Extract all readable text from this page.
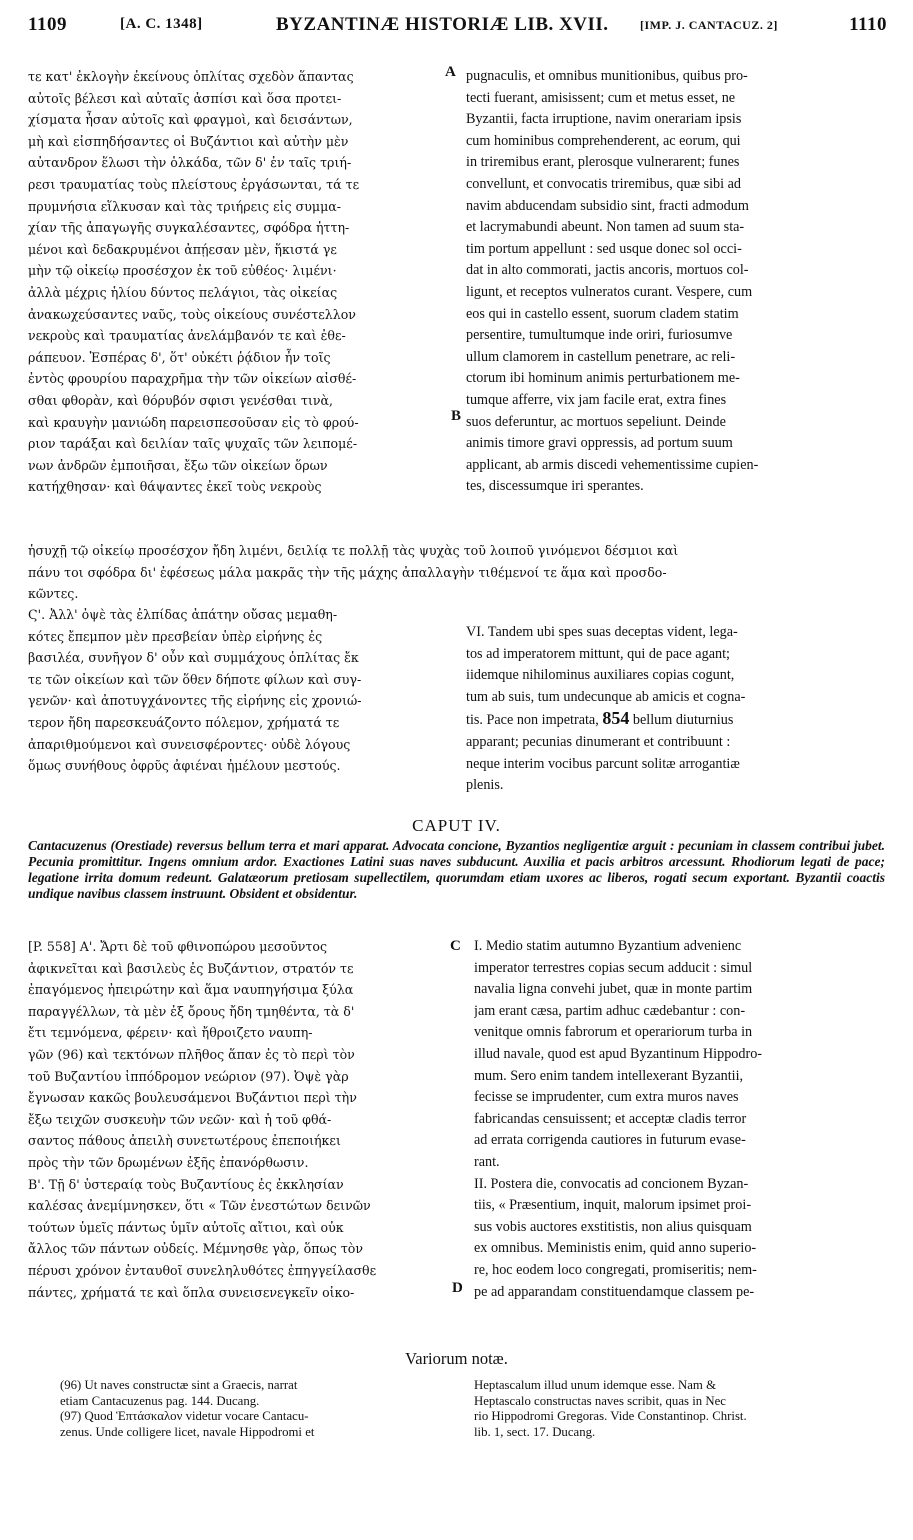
1109	[A. C. 1348]	BYZANTINÆ HISTORIÆ LIB. XVII.	[IMP. J. CANTACUZ. 2]	1110
τε κατ' ἐκλογὴν ἐκείνους ὁπλίτας σχεδὸν ἅπαντας
αὐτοῖς βέλεσι καὶ αὐταῖς ἀσπίσι καὶ ὅσα προτει-
χίσματα ἦσαν αὐτοῖς καὶ φραγμοὶ, καὶ δεισάντων,
μὴ καὶ εἰσπηδήσαντες οἱ Βυζάντιοι καὶ αὐτὴν μὲν
αὐτανδρον ἕλωσι τὴν ὁλκάδα, τῶν δ' ἐν ταῖς τριή-
ρεσι τραυματίας τοὺς πλείστους ἐργάσωνται, τά τε
πρυμνήσια εἵλκυσαν καὶ τὰς τριήρεις εἰς συμμα-
χίαν τῆς ἀπαγωγῆς συγκαλέσαντες, σφόδρα ἡττη-
μένοι καὶ δεδακρυμένοι ἀπῄεσαν μὲν, ἥκιστά γε
μὴν τῷ οἰκείῳ προσέσχον ἐκ τοῦ εὐθέος· λιμένι·
ἀλλὰ μέχρις ἡλίου δύντος πελάγιοι, τὰς οἰκείας
ἀνακωχεύσαντες ναῦς, τοὺς οἰκείους συνέστελλον
νεκροὺς καὶ τραυματίας ἀνελάμβανόν τε καὶ ἐθε-
ράπευον. Ἑσπέρας δ', ὅτ' οὐκέτι ῥᾴδιον ἦν τοῖς
ἐντὸς φρουρίου παραχρῆμα τὴν τῶν οἰκείων αἰσθέ-
σθαι φθορὰν, καὶ θόρυβόν σφισι γενέσθαι τινὰ,
καὶ κραυγὴν μανιώδη παρεισπεσοῦσαν εἰς τὸ φρού-
ριον ταράξαι καὶ δειλίαν ταῖς ψυχαῖς τῶν λειπομέ-
νων ἀνδρῶν ἐμποιῆσαι, ἔξω τῶν οἰκείων ὅρων
κατήχθησαν· καὶ θάψαντες ἐκεῖ τοὺς νεκροὺς
pugnaculis, et omnibus munitionibus, quibus pro-
tecti fuerant, amisissent; cum et metus esset, ne
Byzantii, facta irruptione, navim onerariam ipsis
cum hominibus comprehenderent, ac eorum, qui
in triremibus erant, plerosque vulnerarent; funes
convellunt, et convocatis triremibus, quæ sibi ad
navim abducendam subsidio sint, fracti admodum
et lacrymabundi abeunt. Non tamen ad suum sta-
tim portum appellunt : sed usque donec sol occi-
dat in alto commorati, jactis ancoris, mortuos col-
ligunt, et receptos vulneratos curant. Vespere, cum
eos qui in castello essent, suorum cladem statim
persentire, tumultumque inde oriri, furiosumve
ullum clamorem in castellum penetrare, ac reli-
ctorum ibi hominum animis perturbationem me-
tumque afferre, vix jam facile erat, extra fines
suos deferuntur, ac mortuos sepeliunt. Deinde
animis timore gravi oppressis, ad portum suum
applicant, ab armis discedi vehementissime cupien-
tes, discessumque iri sperantes.
A
B
ἡσυχῇ τῷ οἰκείῳ προσέσχον ἤδη λιμένι, δειλίᾳ τε πολλῇ τὰς ψυχὰς τοῦ λοιποῦ γινόμενοι δέσμιοι καὶ
πάνυ τοι σφόδρα δι' ἐφέσεως μάλα μακρᾶς τὴν τῆς μάχης ἀπαλλαγὴν τιθέμενοί τε ἅμα καὶ προσδο-
κῶντες.
Ϛ'. Ἀλλ' ὀψὲ τὰς ἐλπίδας ἀπάτην οὔσας μεμαθη-
κότες ἔπεμπον μὲν πρεσβείαν ὑπὲρ εἰρήνης ἐς
βασιλέα, συνῆγον δ' οὖν καὶ συμμάχους ὁπλίτας ἔκ
τε τῶν οἰκείων καὶ τῶν ὅθεν δήποτε φίλων καὶ συγ-
γενῶν· καὶ ἀποτυγχάνοντες τῆς εἰρήνης εἰς χρονιώ-
τερον ἤδη παρεσκευάζοντο πόλεμον, χρήματά τε
ἀπαριθμούμενοι καὶ συνεισφέροντες· οὐδὲ λόγους
ὅμως συνήθους ὀφρῦς ἀφιέναι ἠμέλουν μεστούς.
VI. Tandem ubi spes suas deceptas vident, lega-
tos ad imperatorem mittunt, qui de pace agant;
iidemque nihilominus auxiliares copias cogunt,
tum ab suis, tum undecunque ab amicis et cogna-
tis. Pace non impetrata, 854 bellum diuturnius
apparant; pecunias dinumerant et contribuunt :
neque interim vocibus parcunt solitæ arrogantiæ
plenis.
CAPUT IV.
Cantacuzenus (Orestiade) reversus bellum terra et mari apparat. Advocata concione, Byzantios negligentiæ arguit : pecuniam in classem contribui jubet. Pecunia promittitur. Ingens omnium ardor. Exactiones Latini suas naves subducunt. Auxilia et pacis arbitros arcessunt. Rhodiorum legati de pace; legatione irrita domum redeunt. Galatæorum pretiosam supellectilem, quorumdam etiam uxores ac liberos, rogati secum exportant. Byzantii coactis undique navibus classem instruunt. Obsident et obsidentur.
C
D
[P. 558] Α'. Ἄρτι δὲ τοῦ φθινοπώρου μεσοῦντος
ἀφικνεῖται καὶ βασιλεὺς ἐς Βυζάντιον, στρατόν τε
ἐπαγόμενος ἠπειρώτην καὶ ἅμα ναυπηγήσιμα ξύλα
παραγγέλλων, τὰ μὲν ἐξ ὄρους ἤδη τμηθέντα, τὰ δ'
ἔτι τεμνόμενα, φέρειν· καὶ ἤθροιζετο ναυπη-
γῶν (96) καὶ τεκτόνων πλῆθος ἅπαν ἐς τὸ περὶ τὸν
τοῦ Βυζαντίου ἱππόδρομον νεώριον (97). Ὀψὲ γὰρ
ἔγνωσαν κακῶς βουλευσάμενοι Βυζάντιοι περὶ τὴν
ἔξω τειχῶν συσκευὴν τῶν νεῶν· καὶ ἡ τοῦ φθά-
σαντος πάθους ἀπειλὴ συνετωτέρους ἐπεποιήκει
πρὸς τὴν τῶν δρωμένων ἐξῆς ἐπανόρθωσιν.
Β'. Τῇ δ' ὑστεραίᾳ τοὺς Βυζαντίους ἐς ἐκκλησίαν
καλέσας ἀνεμίμνησκεν, ὅτι « Τῶν ἐνεστώτων δεινῶν
τούτων ὑμεῖς πάντως ὑμῖν αὐτοῖς αἴτιοι, καὶ οὐκ
ἄλλος τῶν πάντων οὐδείς. Μέμνησθε γὰρ, ὅπως τὸν
πέρυσι χρόνον ἐνταυθοῖ συνεληλυθότες ἐπηγγείλασθε
πάντες, χρήματά τε καὶ ὅπλα συνεισενεγκεῖν οἰκο-
I. Medio statim autumno Byzantium advenienc
imperator terrestres copias secum adducit : simul
navalia ligna convehi jubet, quæ in monte partim
jam erant cæsa, partim adhuc cædebantur : con-
venitque omnis fabrorum et operariorum turba in
illud navale, quod est apud Byzantinum Hippodro-
mum. Sero enim tandem intellexerant Byzantii,
fecisse se imprudenter, cum extra muros naves
fabricandas censuissent; et acceptæ cladis terror
ad errata corrigenda cautiores in futurum evase-
rant.
II. Postera die, convocatis ad concionem Byzan-
tiis, « Præsentium, inquit, malorum ipsimet proi-
sus vobis auctores exstitistis, non alius quisquam
ex omnibus. Meministis enim, quid anno superio-
re, hoc eodem loco congregati, promiseritis; nem-
pe ad apparandam constituendamque classem pe-
Variorum notæ.
(96) Ut naves constructæ sint a Graecis, narrat
etiam Cantacuzenus pag. 144. Ducang.
(97) Quod Ἑπτάσκαλον videtur vocare Cantacu-
zenus. Unde colligere licet, navale Hippodromi et
Heptascalum illud unum idemque esse. Nam &
Heptascalo constructas naves scribit, quas in Nec
rio Hippodromi Gregoras. Vide Constantinop. Christ.
lib. 1, sect. 17. Ducang.
